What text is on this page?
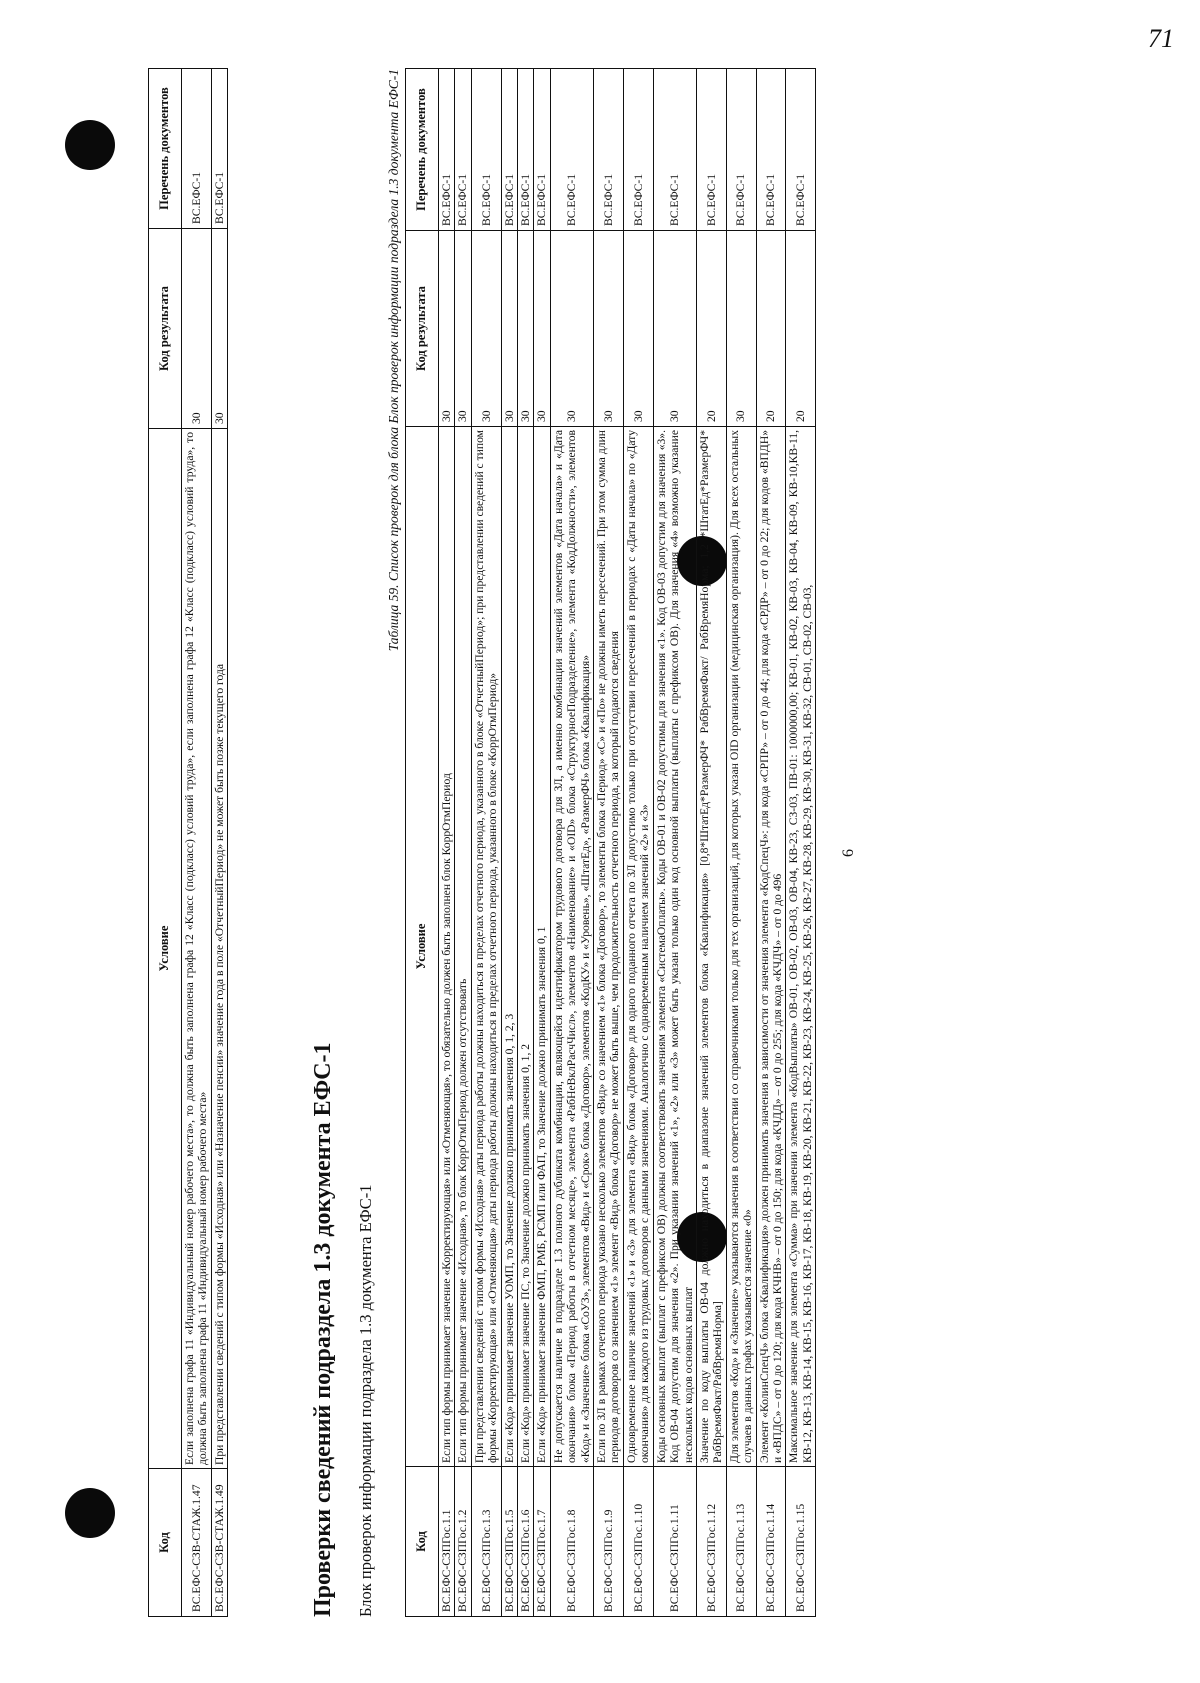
71
Код	Условие	Код результата	Перечень документов
ВС.ЕФС-СЗВ-СТАЖ.1.47	Если заполнена графа 11 «Индивидуальный номер рабочего места», то должна быть заполнена графа 12 «Класс (подкласс) условий труда», если заполнена графа 12 «Класс (подкласс) условий труда», то должна быть заполнена графа 11 «Индивидуальный номер рабочего места»	30	ВС.ЕФС-1
ВС.ЕФС-СЗВ-СТАЖ.1.49	При представлении сведений с типом формы «Исходная» или «Назначение пенсии» значение года в поле «ОтчетныйПериод» не может быть позже текущего года	30	ВС.ЕФС-1
6
Проверки сведений подраздела 1.3 документа ЕФС-1 Блок проверок информации подраздела 1.3 документа ЕФС-1
Таблица 59. Список проверок для блока Блок проверок информации подраздела 1.3 документа ЕФС-1
Код	Условие	Код результата	Перечень документов
ВС.ЕФС-СЗПГос.1.1	Если тип формы принимает значение «Корректирующая» или «Отменяющая», то обязательно должен быть заполнен блок КоррОтмПериод	30	ВС.ЕФС-1
ВС.ЕФС-СЗПГос.1.2	Если тип формы принимает значение «Исходная», то блок КоррОтмПериод должен отсутствовать	30	ВС.ЕФС-1
ВС.ЕФС-СЗПГос.1.3	При представлении сведений с типом формы «Исходная» даты периода работы должны находиться в пределах отчетного периода, указанного в блоке «ОтчетныйПериод»; при представлении сведений с типом формы «Корректирующая» или «Отменяющая» даты периода работы должны находиться в пределах отчетного периода, указанного в блоке «КоррОтмПериод»	30	ВС.ЕФС-1
ВС.ЕФС-СЗПГос.1.5	Если «Код» принимает значение УОМП, то Значение должно принимать значения 0, 1, 2, 3	30	ВС.ЕФС-1
ВС.ЕФС-СЗПГос.1.6	Если «Код» принимает значение ПС, то Значение должно принимать значения 0, 1, 2	30	ВС.ЕФС-1
ВС.ЕФС-СЗПГос.1.7	Если «Код» принимает значение ФМП, РМБ, РСМП или ФАП, то Значение должно принимать значения 0, 1	30	ВС.ЕФС-1
ВС.ЕФС-СЗПГос.1.8	Не допускается наличие в подразделе 1.3 полного дубликата комбинации, являющейся идентификатором трудового договора для ЗЛ, а именно комбинации значений элементов «Дата начала» и «Дата окончания» блока «Период работы в отчетном месяце», элемента «РабНеВклРасчЧисл», элементов «Наименование» и «OID» блока «СтруктурноеПодразделение», элемента «КодДолжности», элементов «Код» и «Значение» блока «СоУЗ», элементов «Вид» и «Срок» блока «Договор», элементов «КодКУ» и «Уровень», «ШтатЕд», «РазмерФЧ» блока «Квалификация»	30	ВС.ЕФС-1
ВС.ЕФС-СЗПГос.1.9	Если по ЗЛ в рамках отчетного периода указано несколько элементов «Вид» со значением «1» блока «Договор», то элементы блока «Период» «С» и «По» не должны иметь пересечений. При этом сумма длин периодов договоров со значением «1» элемент «Вид» блока «Договор» не может быть выше, чем продолжительность отчетного периода, за который подаются сведения	30	ВС.ЕФС-1
ВС.ЕФС-СЗПГос.1.10	Одновременное наличие значений «1» и «3» для элемента «Вид» блока «Договор» для одного поданного отчета по ЗЛ допустимо только при отсутствии пересечений в периодах с «Даты начала» по «Дату окончания» для каждого из трудовых договоров с данными значениями. Аналогично с одновременным наличием значений «2» и «3»	30	ВС.ЕФС-1
ВС.ЕФС-СЗПГос.1.11	Коды основных выплат (выплат с префиксом ОВ) должны соответствовать значениям элемента «СистемаОплаты». Коды ОВ-01 и ОВ-02 допустимы для значения «1». Код ОВ-03 допустим для значения «3». Код ОВ-04 допустим для значения «2». При указании значений «1», «2» или «3» может быть указан только один код основной выплаты (выплаты с префиксом ОВ). Для значения «4» возможно указание нескольких кодов основных выплат	30	ВС.ЕФС-1
ВС.ЕФС-СЗПГос.1.12	Значение по коду выплаты ОВ-04 должно находиться в диапазоне значений элементов блока «Квалификация» [0,8*ШтатЕд*РазмерФЧ* РабВремяФакт/ РабВремяНорма; 1,2 *ШтатЕд*РазмерФЧ* РабВремяФакт/РабВремяНорма]	20	ВС.ЕФС-1
ВС.ЕФС-СЗПГос.1.13	Для элементов «Код» и «Значение» указываются значения в соответствии со справочниками только для тех организаций, для которых указан OID организации (медицинская организация). Для всех остальных случаев в данных графах указывается значение «0»	30	ВС.ЕФС-1
ВС.ЕФС-СЗПГос.1.14	Элемент «КолинСпецЧ» блока «Квалификация» должен принимать значения в зависимости от значения элемента «КодСпецЧ»: для кода «СРПР» – от 0 до 44; для кода «СРДР» – от 0 до 22; для кодов «ВПДН» и «ВПДС» – от 0 до 120; для кода КЧНВ» – от 0 до 150; для кода «КЧДД» – от 0 до 255; для кода «КЧДЧ» – от 0 до 496	20	ВС.ЕФС-1
ВС.ЕФС-СЗПГос.1.15	Максимальное значение для элемента «Сумма» при значении элемента «КодВыплаты» ОВ-01, ОВ-02, ОВ-03, ОВ-04, КВ-23, СЗ-03, ПВ-01: 1000000,00; КВ-01, КВ-02, КВ-03, КВ-04, КВ-09, КВ-10,КВ-11, КВ-12, КВ-13, КВ-14, КВ-15, КВ-16, КВ-17, КВ-18, КВ-19, КВ-20, КВ-21, КВ-22, КВ-23, КВ-24, КВ-25, КВ-26, КВ-27, КВ-28, КВ-29, КВ-30, КВ-31, КВ-32, СВ-01, СВ-02, СВ-03,	20	ВС.ЕФС-1
